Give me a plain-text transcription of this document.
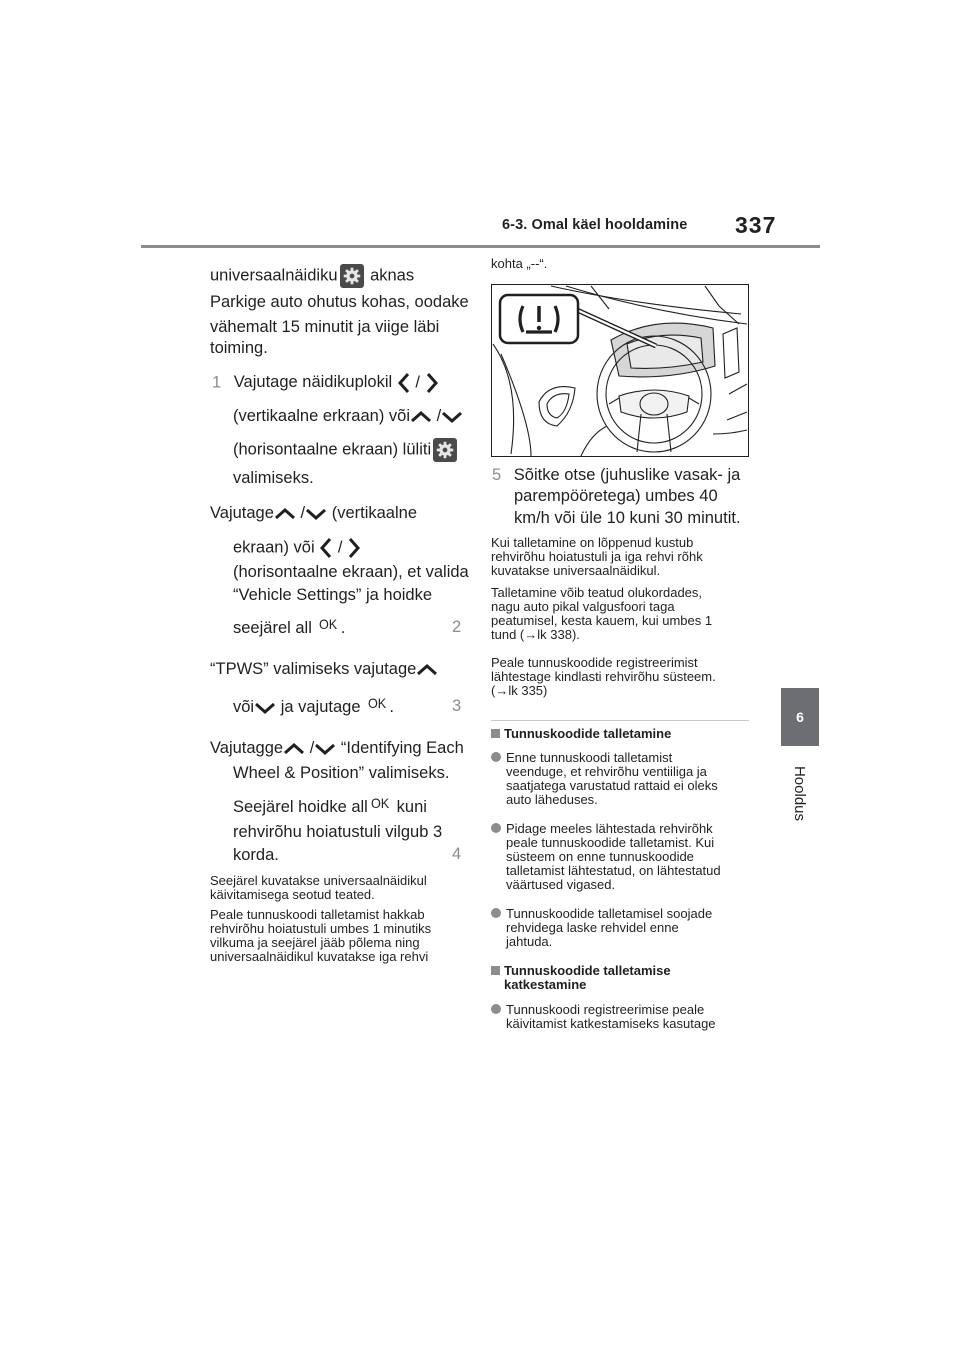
6-3. Omal käel hooldamine 337
6
Hooldus
universaalnäidiku
aknas
Parkige auto ohutus kohas, oodake
vähemalt 15 minutit ja viige läbi
toiming.
1 Vajutage näidikuplokil /
(vertikaalne erkraan) või /
(horisontaalne ekraan) lüliti
valimiseks.
Vajutage / (vertikaalne
ekraan) või /
(horisontaalne ekraan), et valida
“Vehicle Settings” ja hoidke
seejärel all OK .	2
“TPWS” valimiseks vajutage
või ja vajutage OK .	3
Vajutagge / “Identifying Each
Wheel & Position” valimiseks.
Seejärel hoidke all OK kuni
rehvirõhu hoiatustuli vilgub 3
korda.	4
Seejärel kuvatakse universaalnäidikul
käivitamisega seotud teated.
Peale tunnuskoodi talletamist hakkab
rehvirõhu hoiatustuli umbes 1 minutiks
vilkuma ja seejärel jääb põlema ning
universaalnäidikul kuvatakse iga rehvi
kohta „--“.
5 Sõitke otse (juhuslike vasak- ja
parempööretega) umbes 40
km/h või üle 10 kuni 30 minutit.
Kui talletamine on lõppenud kustub
rehvirõhu hoiatustuli ja iga rehvi rõhk
kuvatakse universaalnäidikul.
Talletamine võib teatud olukordades,
nagu auto pikal valgusfoori taga
peatumisel, kesta kauem, kui umbes 1
tund (→lk 338).
Peale tunnuskoodide registreerimist
lähtestage kindlasti rehvirõhu süsteem.
(→lk 335)
Tunnuskoodide talletamine
Enne tunnuskoodi talletamist
veenduge, et rehvirõhu ventiiliga ja
saatjatega varustatud rattaid ei oleks
auto läheduses.
Pidage meeles lähtestada rehvirõhk
peale tunnuskoodide talletamist. Kui
süsteem on enne tunnuskoodide
talletamist lähtestatud, on lähtestatud
väärtused vigased.
Tunnuskoodide talletamisel soojade
rehvidega laske rehvidel enne
jahtuda.
Tunnuskoodide talletamise
katkestamine
Tunnuskoodi registreerimise peale
käivitamist katkestamiseks kasutage
